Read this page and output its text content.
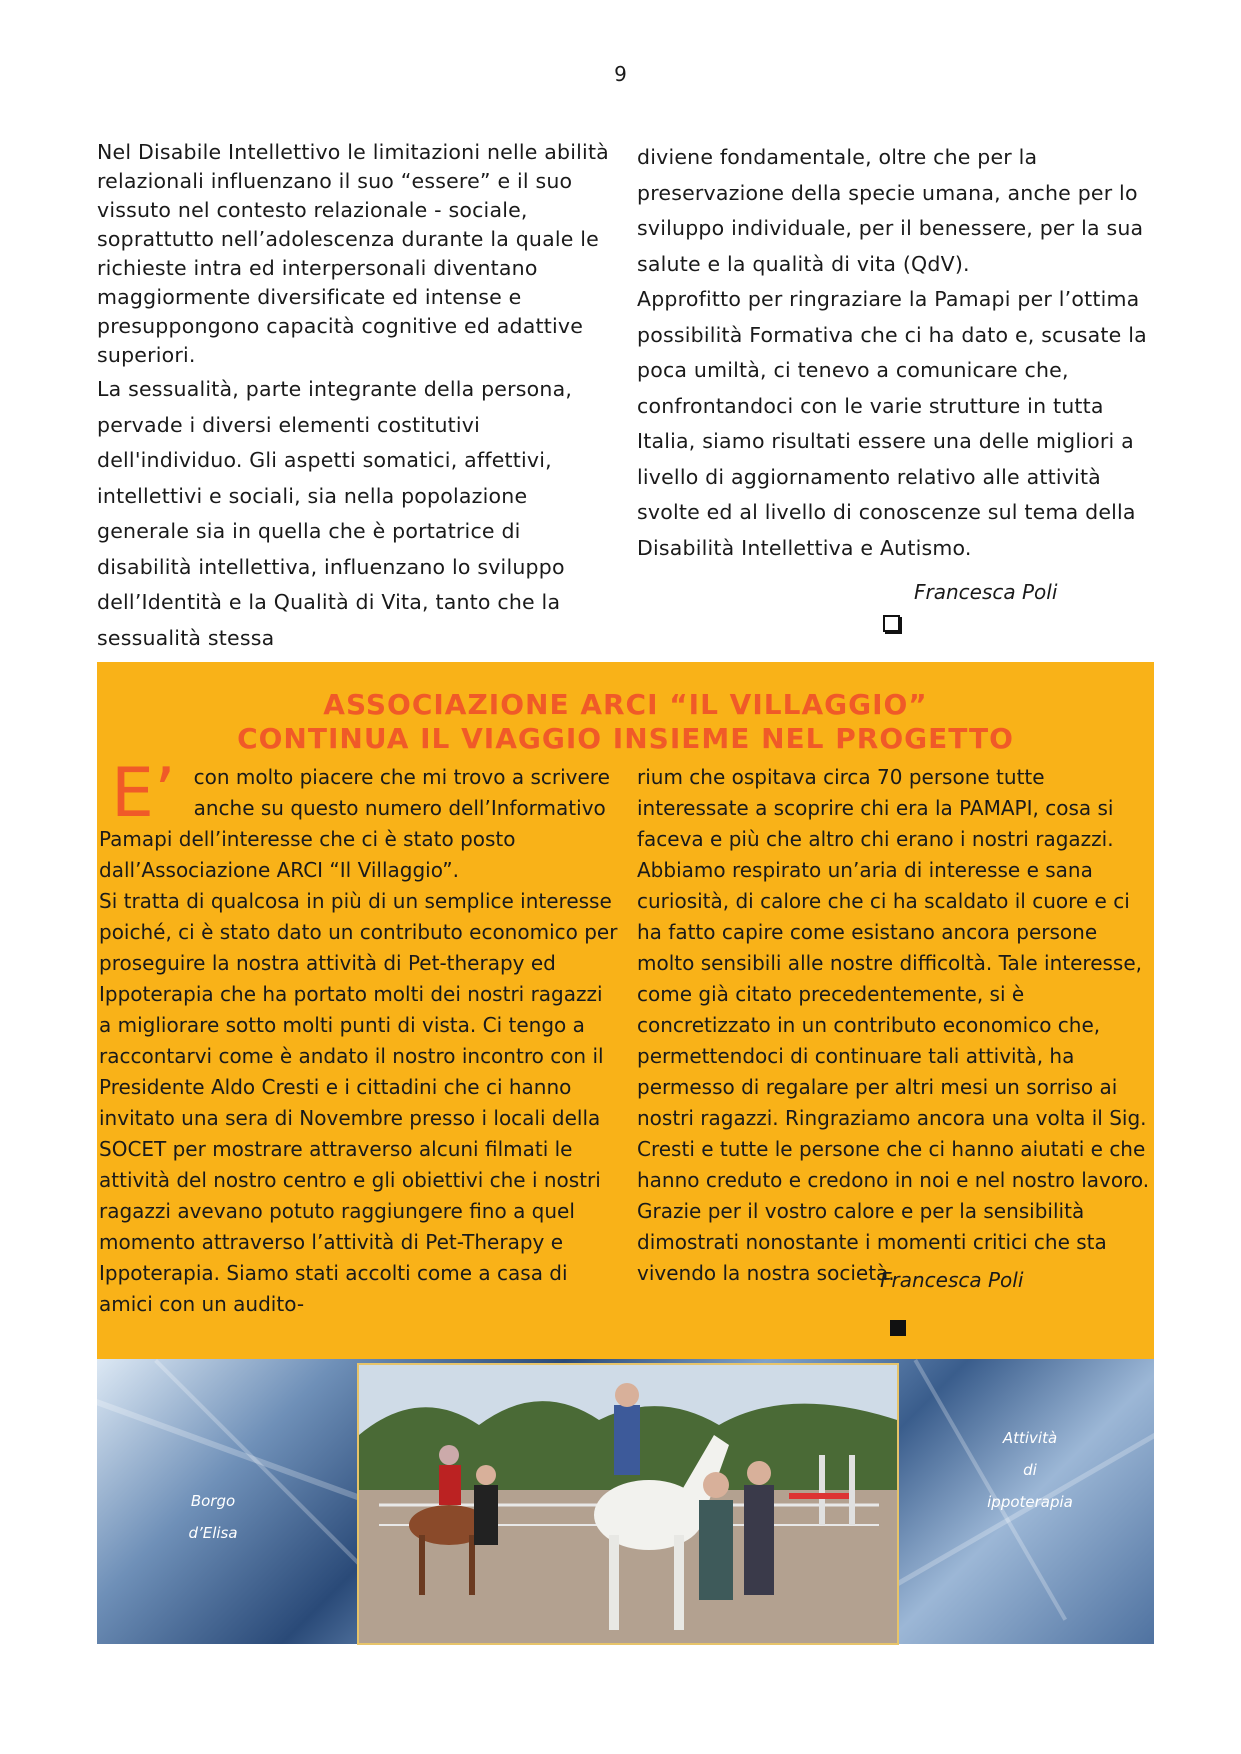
9

Nel Disabile Intellettivo le limitazioni nelle abilità relazionali influenzano il suo “essere” e il suo vissuto nel contesto relazionale - sociale, soprattutto nell’adolescenza durante la quale le richieste intra ed interpersonali diventano maggiormente diversificate ed intense e presuppongono capacità cognitive ed adattive superiori.

La sessualità, parte integrante della persona, pervade i diversi elementi costitutivi dell'individuo. Gli aspetti somatici, affettivi, intellettivi e sociali, sia nella popolazione generale sia in quella che è portatrice di disabilità intellettiva, influenzano lo sviluppo dell’Identità e la Qualità di Vita, tanto che la sessualità stessa

diviene fondamentale, oltre che per la preservazione della specie umana, anche per lo sviluppo individuale, per il benessere, per la sua salute e la qualità di vita (QdV).

Approfitto per ringraziare la Pamapi per l’ottima possibilità Formativa che ci ha dato e, scusate la poca umiltà, ci tenevo a comunicare che, confrontandoci con le varie strutture in tutta Italia, siamo risultati essere una delle migliori a livello di aggiornamento relativo alle attività svolte ed al livello di conoscenze sul tema della Disabilità Intellettiva e Autismo.

Francesca Poli
ASSOCIAZIONE ARCI “IL VILLAGGIO”
CONTINUA IL VIAGGIO INSIEME NEL PROGETTO
E’ con molto piacere che mi trovo a scrivere anche su questo numero dell’Informativo Pamapi dell’interesse che ci è stato posto dall’Associazione ARCI “Il Villaggio”.
Si tratta di qualcosa in più di un semplice interesse poiché, ci è stato dato un contributo economico per proseguire la nostra attività di Pet-therapy ed Ippoterapia che ha portato molti dei nostri ragazzi a migliorare sotto molti punti di vista. Ci tengo a raccontarvi come è andato il nostro incontro con il Presidente Aldo Cresti e i cittadini che ci hanno invitato una sera di Novembre presso i locali della SOCET per mostrare attraverso alcuni filmati le attività del nostro centro e gli obiettivi che i nostri ragazzi avevano potuto raggiungere fino a quel momento attraverso l’attività di Pet-Therapy e Ippoterapia. Siamo stati accolti come a casa di amici con un audito-
rium che ospitava circa 70 persone tutte interessate a scoprire chi era la PAMAPI, cosa si faceva e più che altro chi erano i nostri ragazzi. Abbiamo respirato un’aria di interesse e sana curiosità, di calore che ci ha scaldato il cuore e ci ha fatto capire come esistano ancora persone molto sensibili alle nostre difficoltà. Tale interesse, come già citato precedentemente, si è concretizzato in un contributo economico che, permettendoci di continuare tali attività, ha permesso di regalare per altri mesi un sorriso ai nostri ragazzi. Ringraziamo ancora una volta il Sig. Cresti e tutte le persone che ci hanno aiutati e che hanno creduto e credono in noi e nel nostro lavoro. Grazie per il vostro calore e per la sensibilità dimostrati nonostante i momenti critici che sta vivendo la nostra società.
Francesca Poli
Borgo
d’Elisa
Attività
di
ippoterapia
